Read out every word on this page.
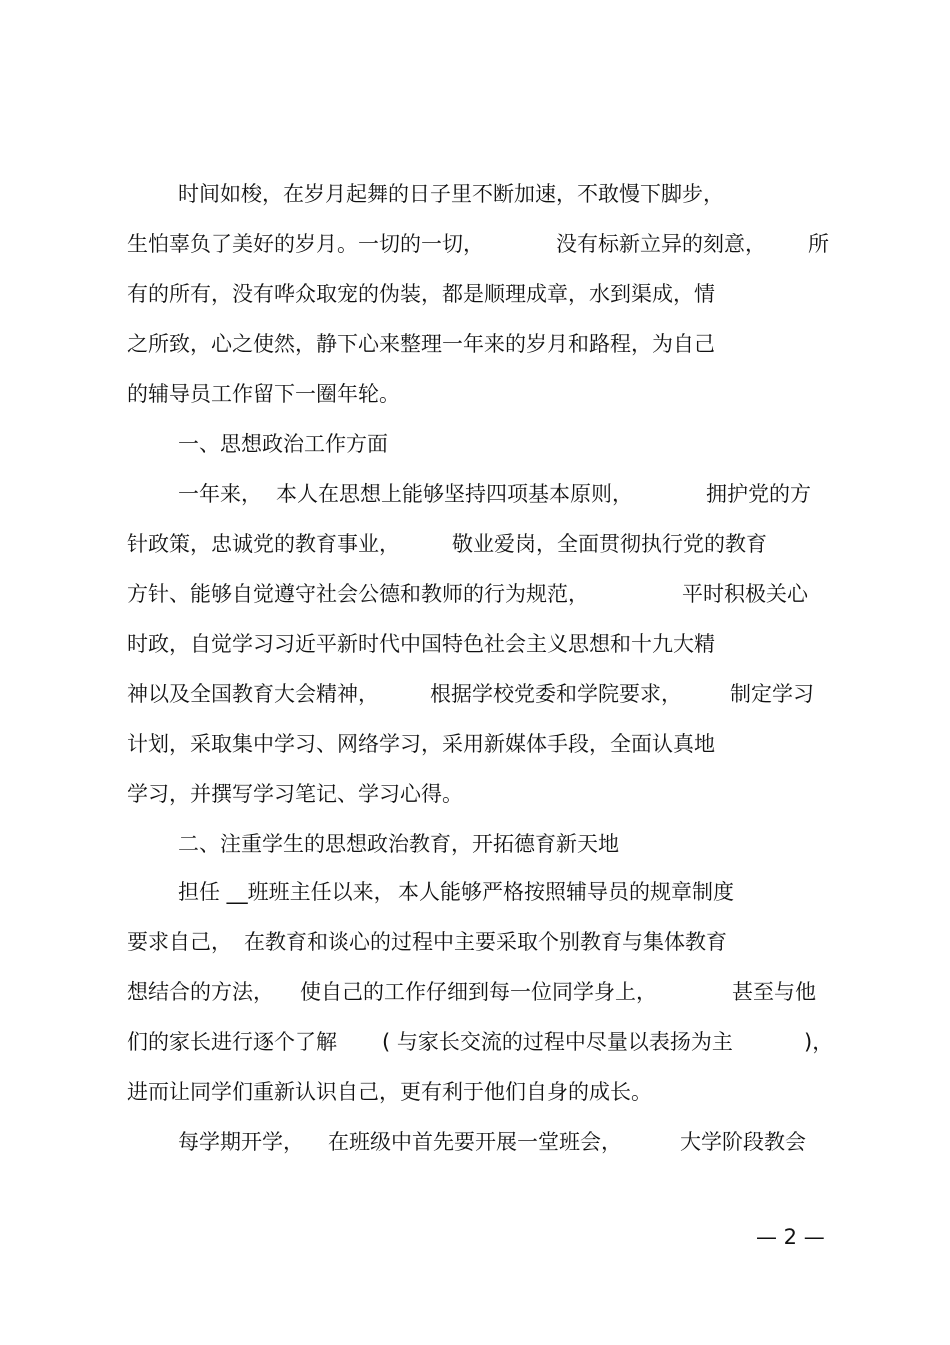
时间如梭，在岁月起舞的日子里不断加速，不敢慢下脚步，
生怕辜负了美好的岁月。一切的一切，	没有标新立异的刻意， 所
有的所有，没有哗众取宠的伪装，都是顺理成章，水到渠成，情
之所致，心之使然，静下心来整理一年来的岁月和路程，为自己
的辅导员工作留下一圈年轮。
一、思想政治工作方面
一年来， 本人在思想上能够坚持四项基本原则，	拥护党的方
针政策，忠诚党的教育事业， 敬业爱岗，全面贯彻执行党的教育
方针、能够自觉遵守社会公德和教师的行为规范，	平时积极关心
时政，自觉学习习近平新时代中国特色社会主义思想和十九大精
神以及全国教育大会精神， 根据学校党委和学院要求， 制定学习
计划，采取集中学习、网络学习，采用新媒体手段，全面认真地
学习，并撰写学习笔记、学习心得。
二、注重学生的思想政治教育，开拓德育新天地
担任 __班班主任以来， 本人能够严格按照辅导员的规章制度
要求自己， 在教育和谈心的过程中主要采取个别教育与集体教育
想结合的方法， 使自己的工作仔细到每一位同学身上，	甚至与他
们的家长进行逐个了解 ( 与家长交流的过程中尽量以表扬为主	)，
进而让同学们重新认识自己，更有利于他们自身的成长。
每学期开学， 在班级中首先要开展一堂班会，	大学阶段教会
— 2 —
